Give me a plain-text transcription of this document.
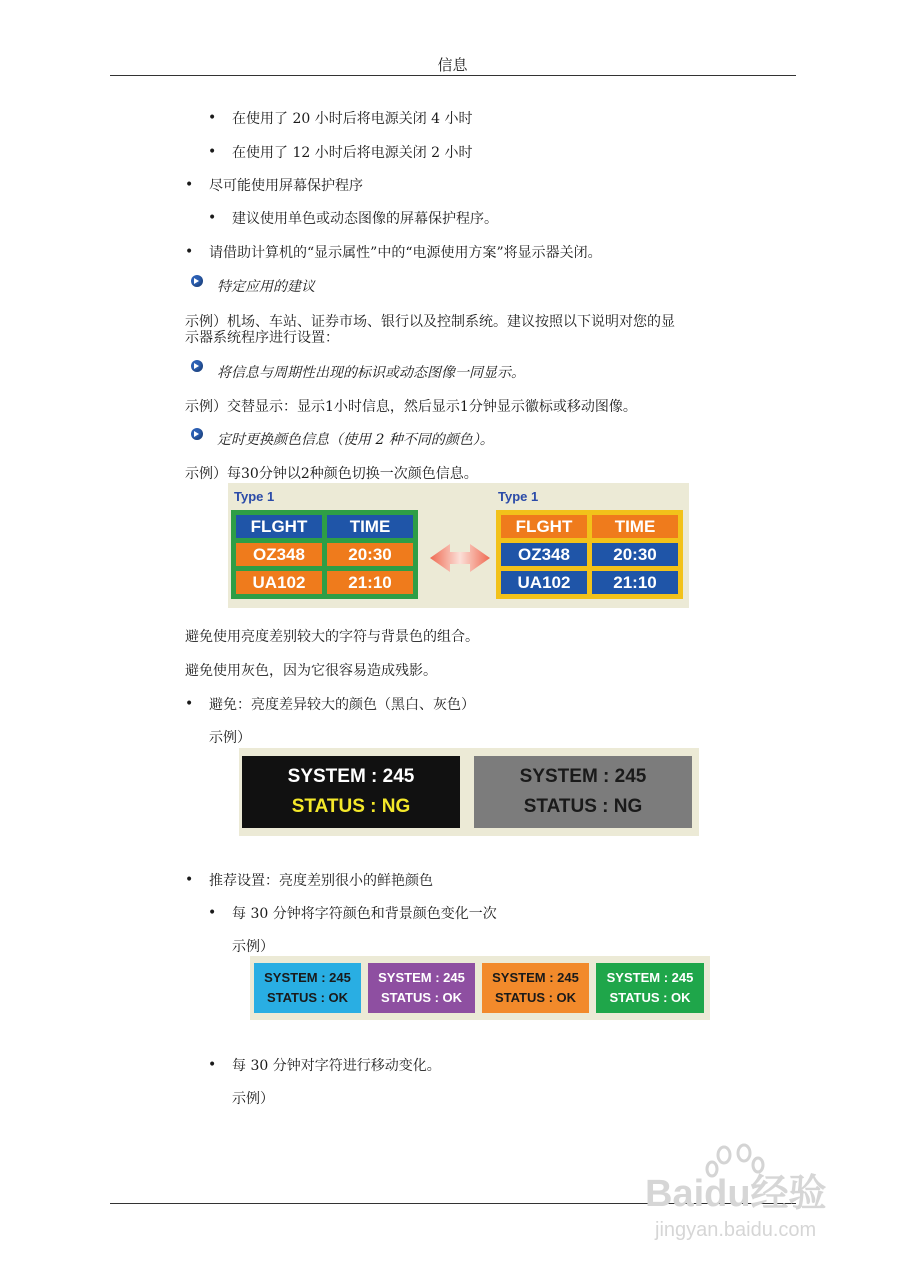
信息
• 在使用了 20 小时后将电源关闭 4 小时
• 在使用了 12 小时后将电源关闭 2 小时
• 尽可能使用屏幕保护程序
• 建议使用单色或动态图像的屏幕保护程序。
• 请借助计算机的“显示属性”中的“电源使用方案”将显示器关闭。
特定应用的建议
示例）机场、车站、证券市场、银行以及控制系统。建议按照以下说明对您的显
示器系统程序进行设置：
将信息与周期性出现的标识或动态图像一同显示。
示例）交替显示：显示1小时信息，然后显示1分钟显示徽标或移动图像。
定时更换颜色信息（使用 2 种不同的颜色）。
示例）每30分钟以2种颜色切换一次颜色信息。
Type 1
FLGHT	TIME
OZ348	20:30
UA102	21:10
Type 1
FLGHT	TIME
OZ348	20:30
UA102	21:10
避免使用亮度差别较大的字符与背景色的组合。
避免使用灰色，因为它很容易造成残影。
• 避免：亮度差异较大的颜色（黑白、灰色）
示例）
SYSTEM : 245
STATUS : NG
SYSTEM : 245
STATUS : NG
• 推荐设置：亮度差别很小的鲜艳颜色
• 每 30 分钟将字符颜色和背景颜色变化一次
示例）
SYSTEM : 245
STATUS : OK
SYSTEM : 245
STATUS : OK
SYSTEM : 245
STATUS : OK
SYSTEM : 245
STATUS : OK
• 每 30 分钟对字符进行移动变化。
示例）
Baidu经验
jingyan.baidu.com
